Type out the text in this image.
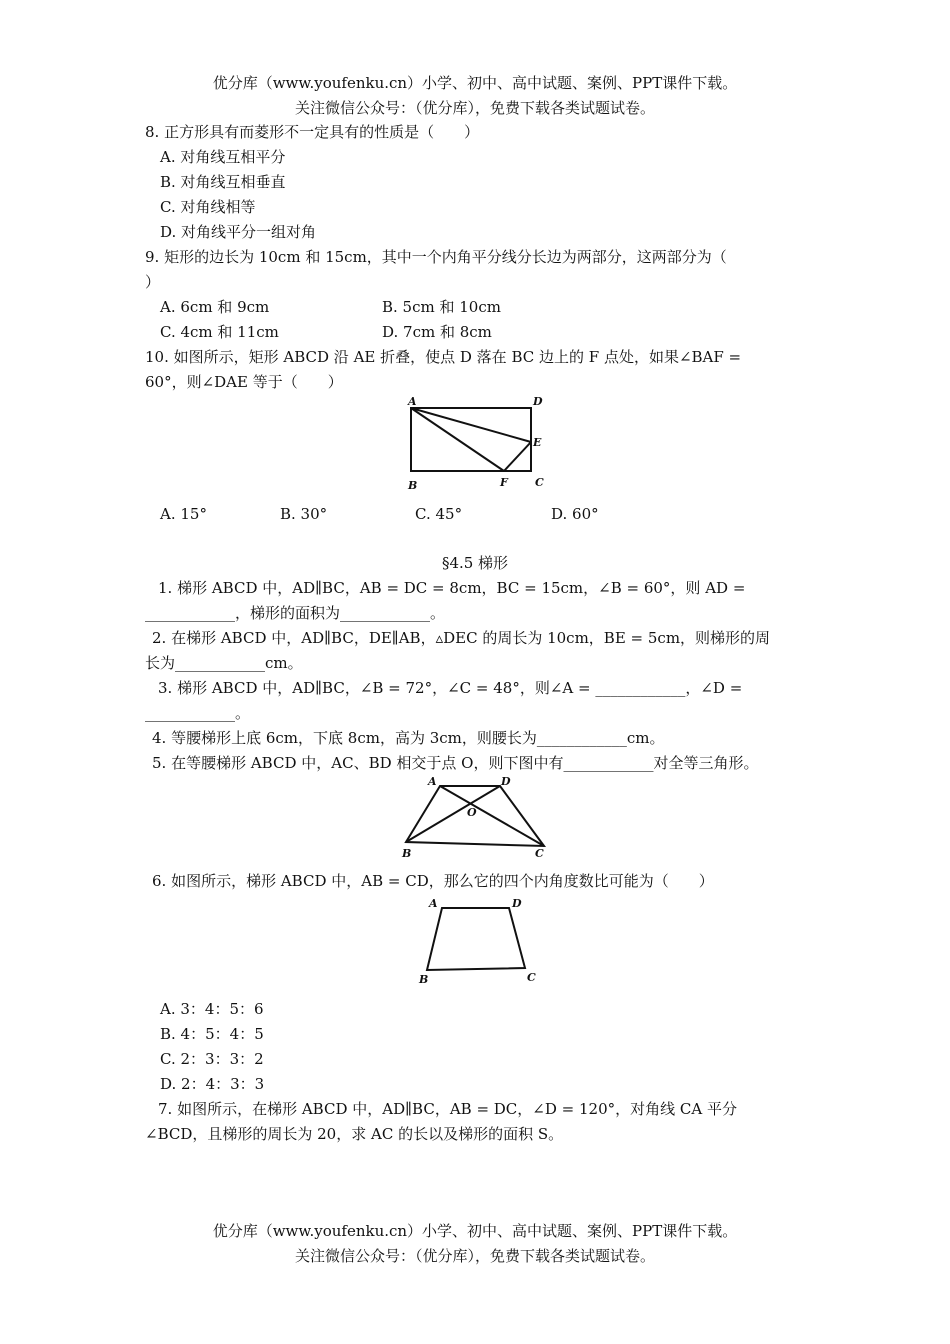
优分库（www.youfenku.cn）小学、初中、高中试题、案例、PPT课件下载。
关注微信公众号：（优分库），免费下载各类试题试卷。
8. 正方形具有而菱形不一定具有的性质是（　　）
A. 对角线互相平分
B. 对角线互相垂直
C. 对角线相等
D. 对角线平分一组对角
9. 矩形的边长为 10cm 和 15cm，其中一个内角平分线分长边为两部分，这两部分为（
）
A. 6cm 和 9cm	B. 5cm 和 10cm
C. 4cm 和 11cm	D. 7cm 和 8cm
10. 如图所示，矩形 ABCD 沿 AE 折叠，使点 D 落在 BC 边上的 F 点处，如果∠BAF =
60°，则∠DAE 等于（　　）
A	D
E
B	F C
A. 15°	B. 30°	C. 45°	D. 60°
§4.5 梯形
1. 梯形 ABCD 中，AD∥BC，AB = DC = 8cm，BC = 15cm，∠B = 60°，则 AD =
____________，梯形的面积为____________。
2. 在梯形 ABCD 中，AD∥BC，DE∥AB，▵DEC 的周长为 10cm，BE = 5cm，则梯形的周
长为____________cm。
3. 梯形 ABCD 中，AD∥BC，∠B = 72°，∠C = 48°，则∠A = ____________，∠D =
____________。
4. 等腰梯形上底 6cm，下底 8cm，高为 3cm，则腰长为____________cm。
5. 在等腰梯形 ABCD 中，AC、BD 相交于点 O，则下图中有____________对全等三角形。
A	D
O
B	C
6. 如图所示，梯形 ABCD 中，AB = CD，那么它的四个内角度数比可能为（　　）
A	D
B	C
A. 3：4：5：6
B. 4：5：4：5
C. 2：3：3：2
D. 2：4：3：3
7. 如图所示，在梯形 ABCD 中，AD∥BC，AB = DC，∠D = 120°，对角线 CA 平分
∠BCD，且梯形的周长为 20，求 AC 的长以及梯形的面积 S。
优分库（www.youfenku.cn）小学、初中、高中试题、案例、PPT课件下载。
关注微信公众号：（优分库），免费下载各类试题试卷。
